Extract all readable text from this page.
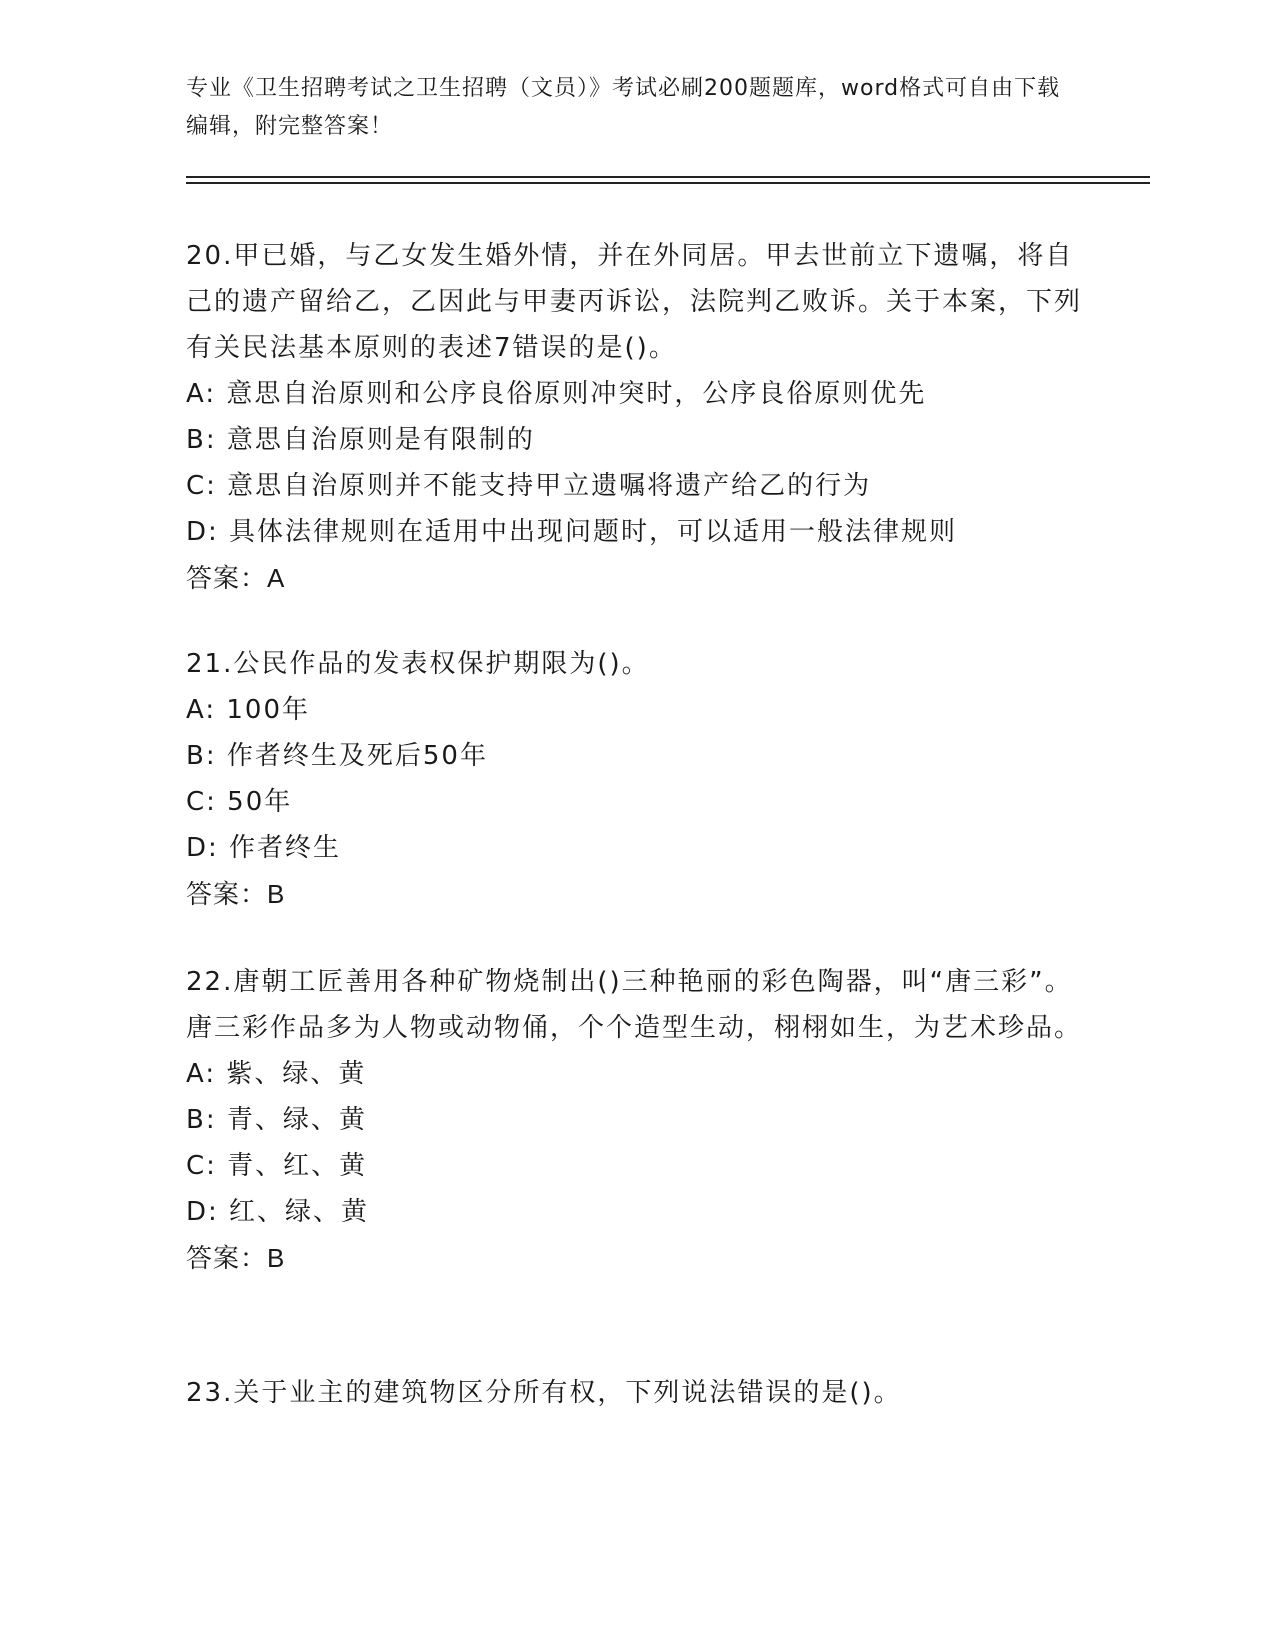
专业《卫生招聘考试之卫生招聘（文员）》考试必刷200题题库，word格式可自由下载编辑，附完整答案！
20.甲已婚，与乙女发生婚外情，并在外同居。甲去世前立下遗嘱，将自己的遗产留给乙，乙因此与甲妻丙诉讼，法院判乙败诉。关于本案，下列有关民法基本原则的表述7错误的是()。
A: 意思自治原则和公序良俗原则冲突时，公序良俗原则优先
B: 意思自治原则是有限制的
C: 意思自治原则并不能支持甲立遗嘱将遗产给乙的行为
D: 具体法律规则在适用中出现问题时，可以适用一般法律规则
答案：A
21.公民作品的发表权保护期限为()。
A: 100年
B: 作者终生及死后50年
C: 50年
D: 作者终生
答案：B
22.唐朝工匠善用各种矿物烧制出()三种艳丽的彩色陶器，叫“唐三彩”。唐三彩作品多为人物或动物俑，个个造型生动，栩栩如生，为艺术珍品。
A: 紫、绿、黄
B: 青、绿、黄
C: 青、红、黄
D: 红、绿、黄
答案：B
23.关于业主的建筑物区分所有权，下列说法错误的是()。
